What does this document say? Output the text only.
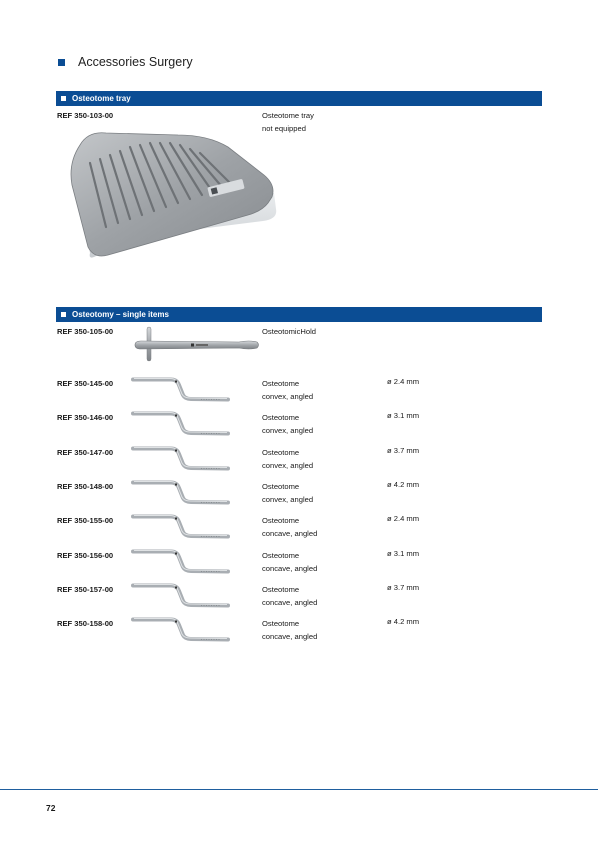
Accessories Surgery
Osteotome tray
REF 350-103-00	Osteotome tray
not equipped
Osteotomy – single items
REF 350-105-00	OsteotomicHold
REF 350-145-00	Osteotome
convex, angled
ø 2.4 mm
REF 350-146-00	Osteotome
convex, angled
ø 3.1 mm
REF 350-147-00	Osteotome
convex, angled
ø 3.7 mm
REF 350-148-00	Osteotome
convex, angled
ø 4.2 mm
REF 350-155-00	Osteotome
concave, angled
ø 2.4 mm
REF 350-156-00	Osteotome
concave, angled
ø 3.1 mm
REF 350-157-00	Osteotome
concave, angled
ø 3.7 mm
REF 350-158-00	Osteotome
concave, angled
ø 4.2 mm
72
